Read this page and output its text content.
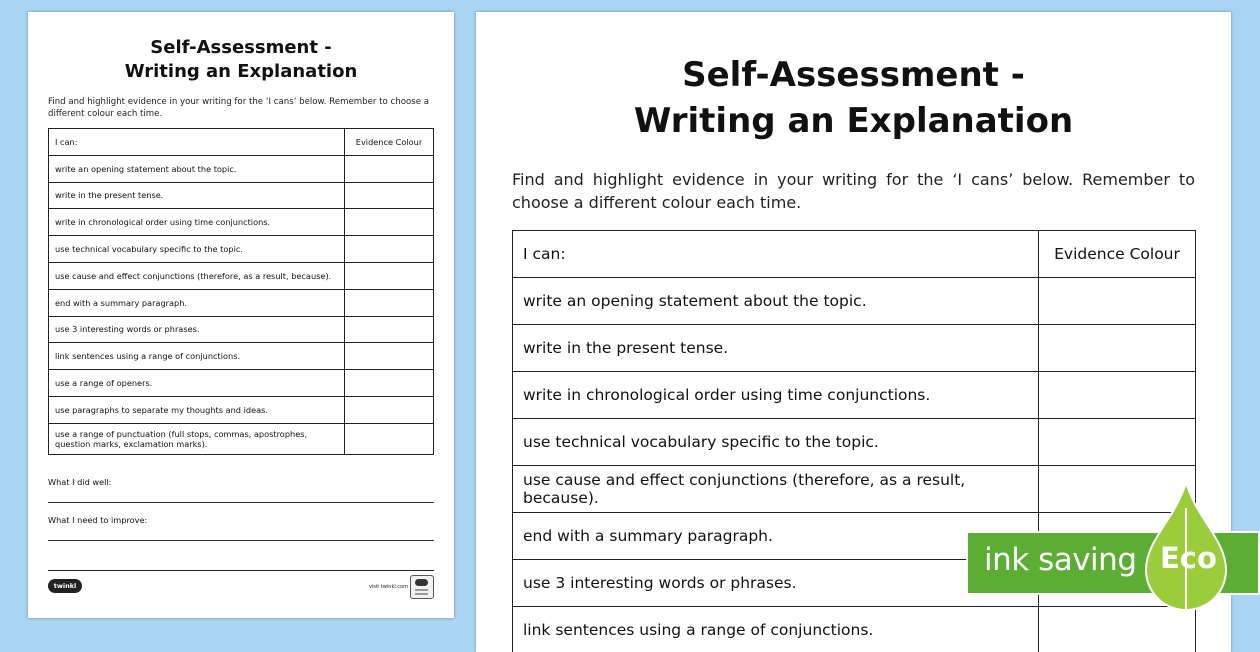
Self-Assessment -
Writing an Explanation
Find and highlight evidence in your writing for the ‘I cans’ below. Remember to choose a different colour each time.
I can:	Evidence Colour
write an opening statement about the topic.	
write in the present tense.	
write in chronological order using time conjunctions.	
use technical vocabulary specific to the topic.	
use cause and effect conjunctions (therefore, as a result, because).	
end with a summary paragraph.	
use 3 interesting words or phrases.	
link sentences using a range of conjunctions.	
use a range of openers.	
use paragraphs to separate my thoughts and ideas.	
use a range of punctuation (full stops, commas, apostrophes, question marks, exclamation marks).	
What I did well:
What I need to improve:
twinkl	visit twinkl.com
Self-Assessment -
Writing an Explanation
Find and highlight evidence in your writing for the ‘I cans’ below. Remember to choose a different colour each time.
I can:	Evidence Colour
write an opening statement about the topic.	
write in the present tense.	
write in chronological order using time conjunctions.	
use technical vocabulary specific to the topic.	
use cause and effect conjunctions (therefore, as a result, because).	
end with a summary paragraph.	
use 3 interesting words or phrases.	
link sentences using a range of conjunctions.	
ink saving Eco
